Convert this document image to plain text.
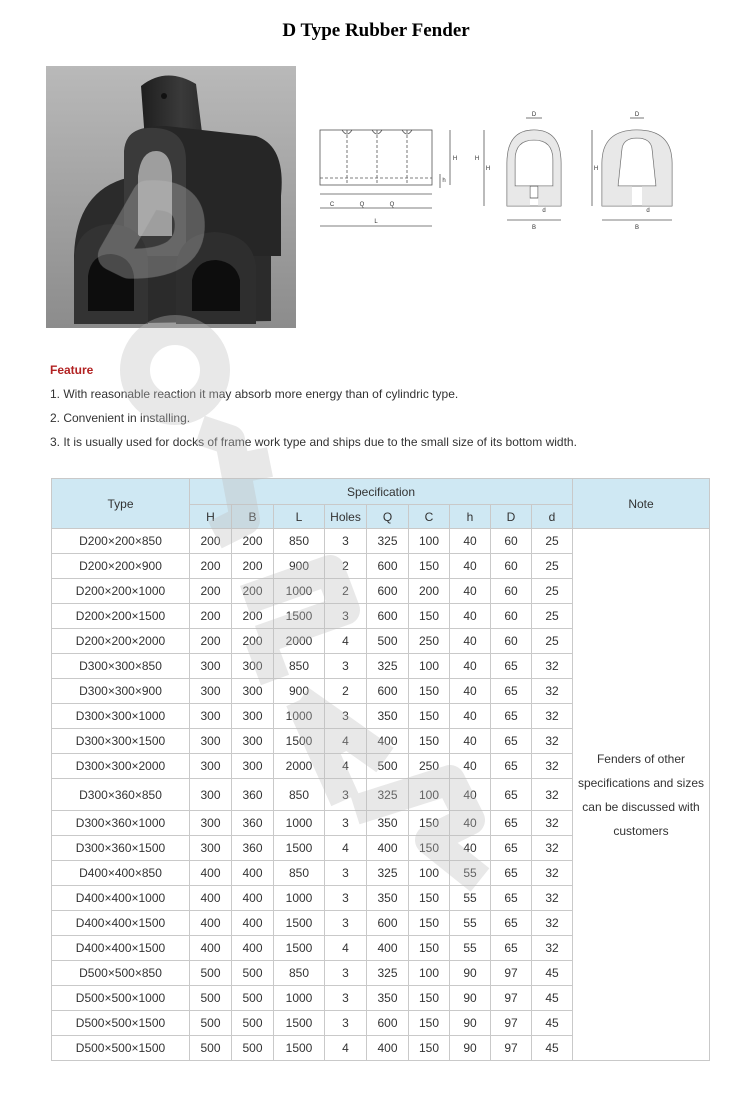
D Type Rubber Fender
H	H
h
C	Q	Q
L
D
H
d
B
D
H
d
B
Feature
1. With reasonable reaction it may absorb more energy than of cylindric type.
2. Convenient in installing.
3. It is usually used for docks of frame work type and ships due to the small size of its bottom width.
Type	Specification									Note
	H	B	L	Holes	Q	C	h	D	d	
D200×200×850	200	200	850	3	325	100	40	60	25	Fenders of other
specifications and sizes
can be discussed with
customers

D200×200×900	200	200	900	2	600	150	40	60	25	
D200×200×1000	200	200	1000	2	600	200	40	60	25	
D200×200×1500	200	200	1500	3	600	150	40	60	25	
D200×200×2000	200	200	2000	4	500	250	40	60	25	
D300×300×850	300	300	850	3	325	100	40	65	32	
D300×300×900	300	300	900	2	600	150	40	65	32	
D300×300×1000	300	300	1000	3	350	150	40	65	32	
D300×300×1500	300	300	1500	4	400	150	40	65	32	
D300×300×2000	300	300	2000	4	500	250	40	65	32	
D300×360×850	300	360	850	3	325	100	40	65	32	
D300×360×1000	300	360	1000	3	350	150	40	65	32	
D300×360×1500	300	360	1500	4	400	150	40	65	32	
D400×400×850	400	400	850	3	325	100	55	65	32	
D400×400×1000	400	400	1000	3	350	150	55	65	32	
D400×400×1500	400	400	1500	3	600	150	55	65	32	
D400×400×1500	400	400	1500	4	400	150	55	65	32	
D500×500×850	500	500	850	3	325	100	90	97	45	
D500×500×1000	500	500	1000	3	350	150	90	97	45	
D500×500×1500	500	500	1500	3	600	150	90	97	45	
D500×500×1500	500	500	1500	4	400	150	90	97	45	
